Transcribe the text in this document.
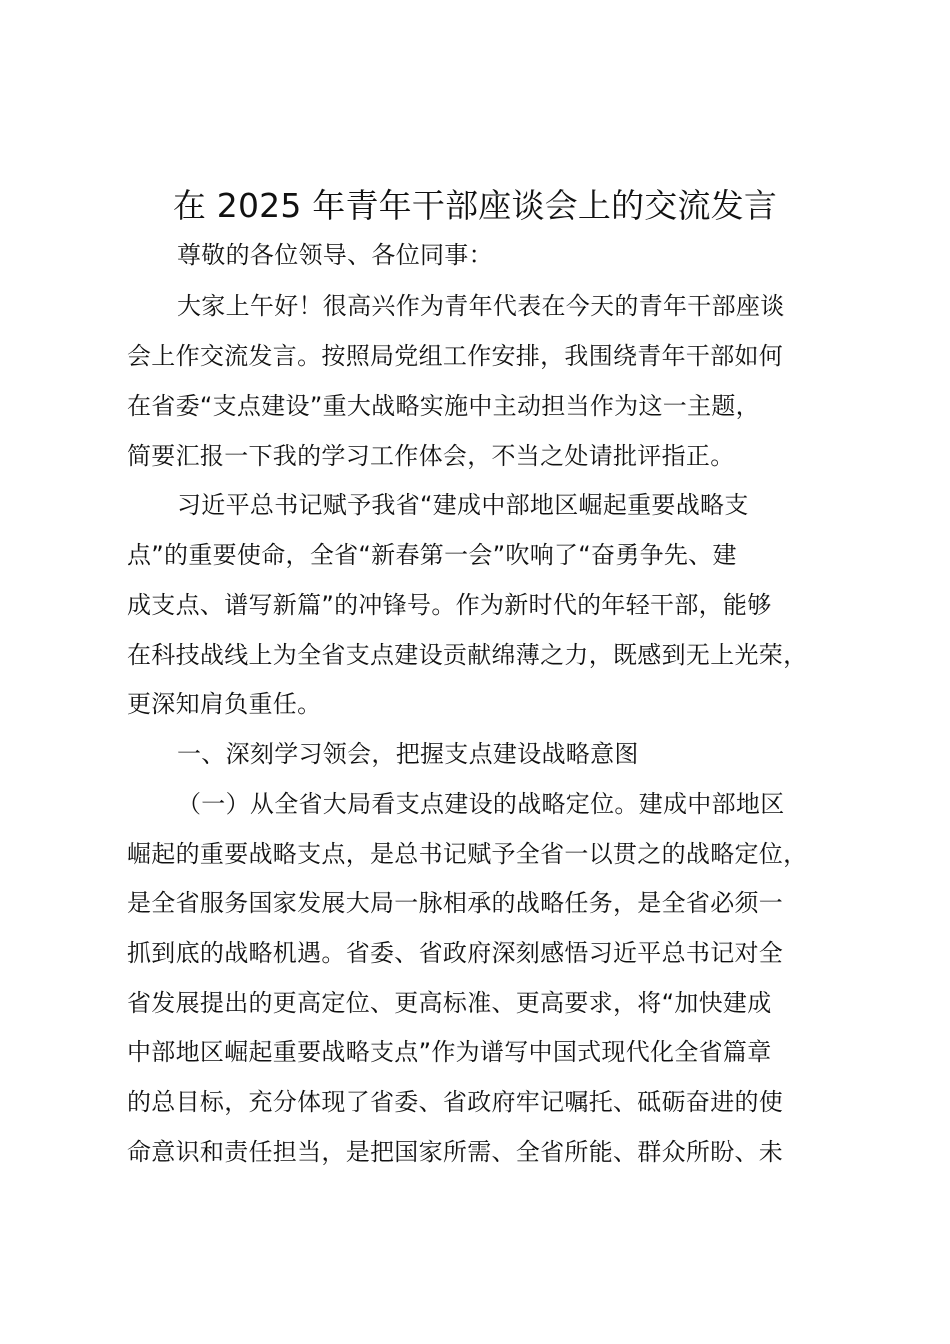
在 2025 年青年干部座谈会上的交流发言
尊敬的各位领导、各位同事：
大家上午好！很高兴作为青年代表在今天的青年干部座谈
会上作交流发言。按照局党组工作安排，我围绕青年干部如何
在省委“支点建设”重大战略实施中主动担当作为这一主题，
简要汇报一下我的学习工作体会，不当之处请批评指正。
习近平总书记赋予我省“建成中部地区崛起重要战略支
点”的重要使命，全省“新春第一会”吹响了“奋勇争先、建
成支点、谱写新篇”的冲锋号。作为新时代的年轻干部，能够
在科技战线上为全省支点建设贡献绵薄之力，既感到无上光荣，
更深知肩负重任。
一、深刻学习领会，把握支点建设战略意图
（一）从全省大局看支点建设的战略定位。建成中部地区
崛起的重要战略支点，是总书记赋予全省一以贯之的战略定位，
是全省服务国家发展大局一脉相承的战略任务，是全省必须一
抓到底的战略机遇。省委、省政府深刻感悟习近平总书记对全
省发展提出的更高定位、更高标准、更高要求，将“加快建成
中部地区崛起重要战略支点”作为谱写中国式现代化全省篇章
的总目标，充分体现了省委、省政府牢记嘱托、砥砺奋进的使
命意识和责任担当，是把国家所需、全省所能、群众所盼、未
